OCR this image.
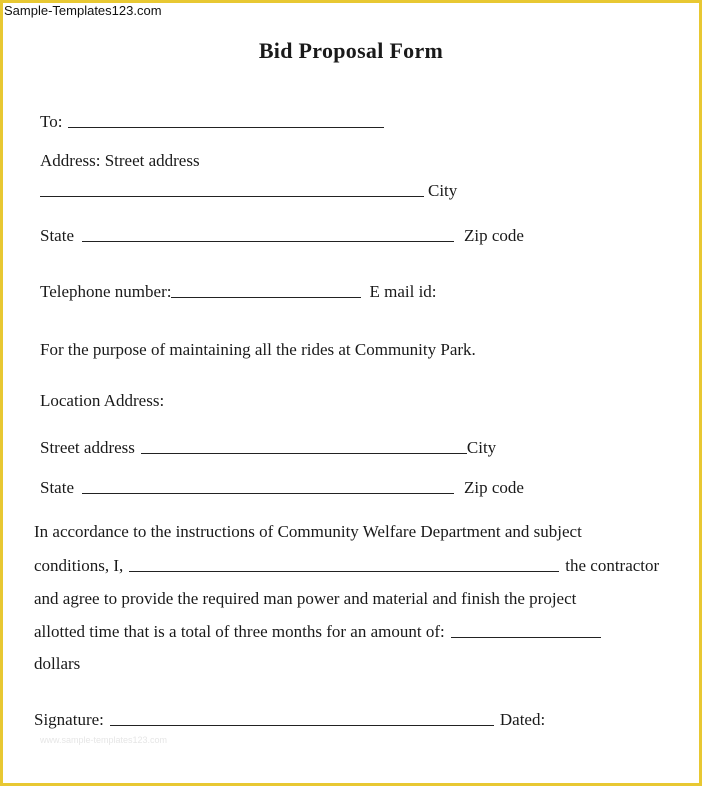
Sample-Templates123.com
Bid Proposal Form
To:
Address: Street address
City
State	Zip code
Telephone number:	E mail id:
For the purpose of maintaining all the rides at Community Park.
Location Address:
Street address	City
State	Zip code
In accordance to the instructions of Community Welfare Department and subject
conditions, I,	the contractor
and agree to provide the required man power and material and finish the project
allotted time that is a total of three months for an amount of:
dollars
Signature:	Dated:
www.sample-templates123.com
